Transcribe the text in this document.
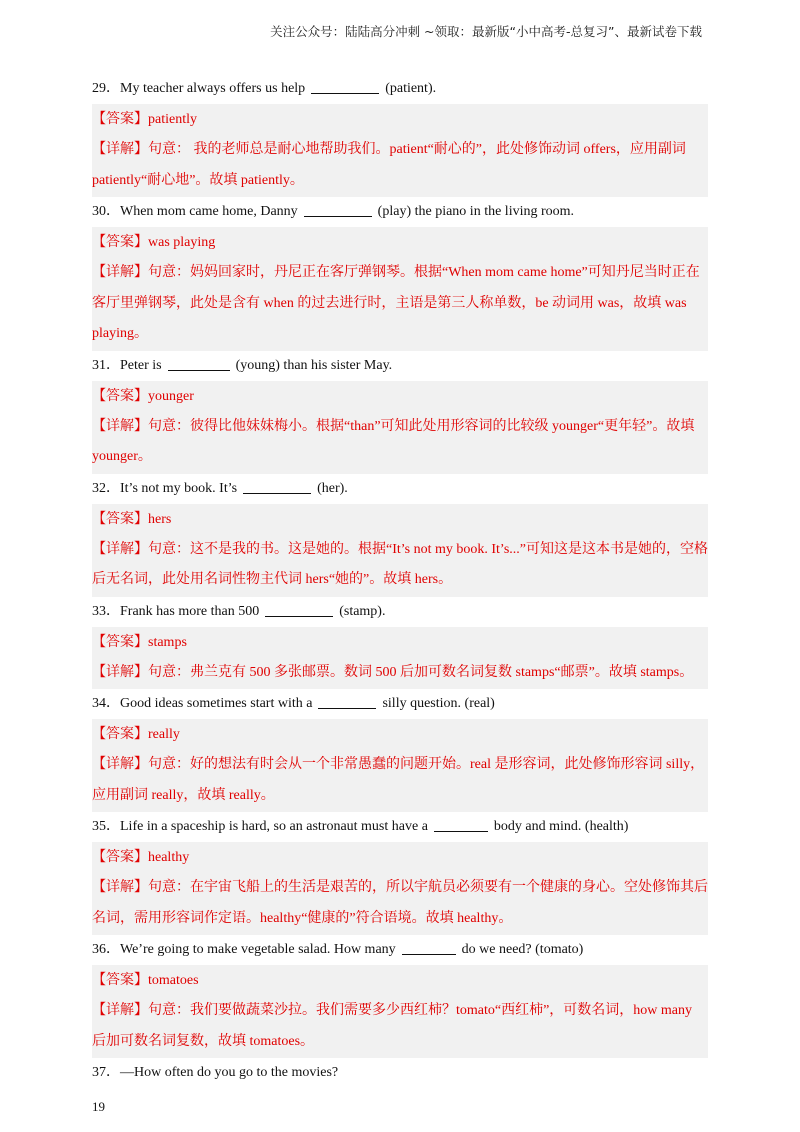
关注公众号：陆陆高分冲刺 ~领取：最新版“小中高考-总复习”、最新试卷下载
29．My teacher always offers us help	(patient).
【答案】patiently
【详解】句意： 我的老师总是耐心地帮助我们。patient“耐心的”，此处修饰动词 offers，应用副词 patiently“耐心地”。故填 patiently。
30．When mom came home, Danny	(play) the piano in the living room.
【答案】was playing
【详解】句意：妈妈回家时，丹尼正在客厅弹钢琴。根据“When mom came home”可知丹尼当时正在客厅里弹钢琴，此处是含有 when 的过去进行时，主语是第三人称单数，be 动词用 was，故填 was playing。
31．Peter is	(young) than his sister May.
【答案】younger
【详解】句意：彼得比他妹妹梅小。根据“than”可知此处用形容词的比较级 younger“更年轻”。故填 younger。
32．It’s not my book. It’s	(her).
【答案】hers
【详解】句意：这不是我的书。这是她的。根据“It’s not my book. It’s...”可知这是这本书是她的，空格后无名词，此处用名词性物主代词 hers“她的”。故填 hers。
33．Frank has more than 500	(stamp).
【答案】stamps
【详解】句意：弗兰克有 500 多张邮票。数词 500 后加可数名词复数 stamps“邮票”。故填 stamps。
34．Good ideas sometimes start with a	silly question. (real)
【答案】really
【详解】句意：好的想法有时会从一个非常愚蠢的问题开始。real 是形容词，此处修饰形容词 silly，应用副词 really，故填 really。
35．Life in a spaceship is hard, so an astronaut must have a	body and mind. (health)
【答案】healthy
【详解】句意：在宇宙飞船上的生活是艰苦的，所以宇航员必须要有一个健康的身心。空处修饰其后名词，需用形容词作定语。healthy“健康的”符合语境。故填 healthy。
36．We’re going to make vegetable salad. How many	do we need? (tomato)
【答案】tomatoes
【详解】句意：我们要做蔬菜沙拉。我们需要多少西红柿？tomato“西红柿”，可数名词，how many 后加可数名词复数，故填 tomatoes。
37．—How often do you go to the movies?
19
